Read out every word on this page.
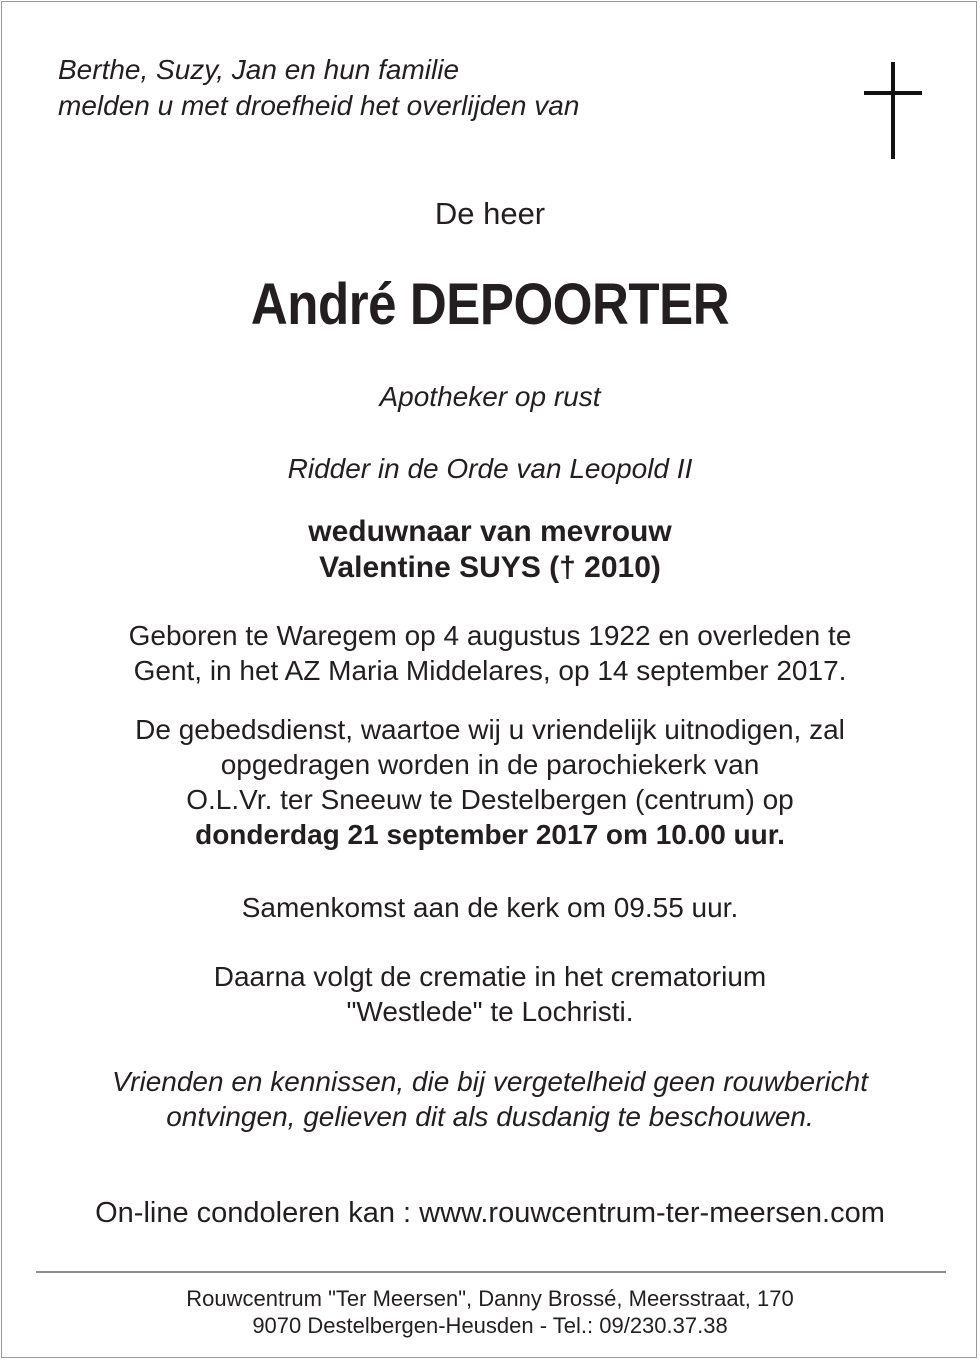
Berthe, Suzy, Jan en hun familie
melden u met droefheid het overlijden van
De heer
André DEPOORTER
Apotheker op rust
Ridder in de Orde van Leopold II
weduwnaar van mevrouw
Valentine SUYS († 2010)
Geboren te Waregem op 4 augustus 1922 en overleden te
Gent, in het AZ Maria Middelares, op 14 september 2017.
De gebedsdienst, waartoe wij u vriendelijk uitnodigen, zal
opgedragen worden in de parochiekerk van
O.L.Vr. ter Sneeuw te Destelbergen (centrum) op
donderdag 21 september 2017 om 10.00 uur.
Samenkomst aan de kerk om 09.55 uur.
Daarna volgt de crematie in het crematorium
"Westlede" te Lochristi.
Vrienden en kennissen, die bij vergetelheid geen rouwbericht
ontvingen, gelieven dit als dusdanig te beschouwen.
On-line condoleren kan : www.rouwcentrum-ter-meersen.com
Rouwcentrum "Ter Meersen", Danny Brossé, Meersstraat, 170
9070 Destelbergen-Heusden - Tel.: 09/230.37.38
